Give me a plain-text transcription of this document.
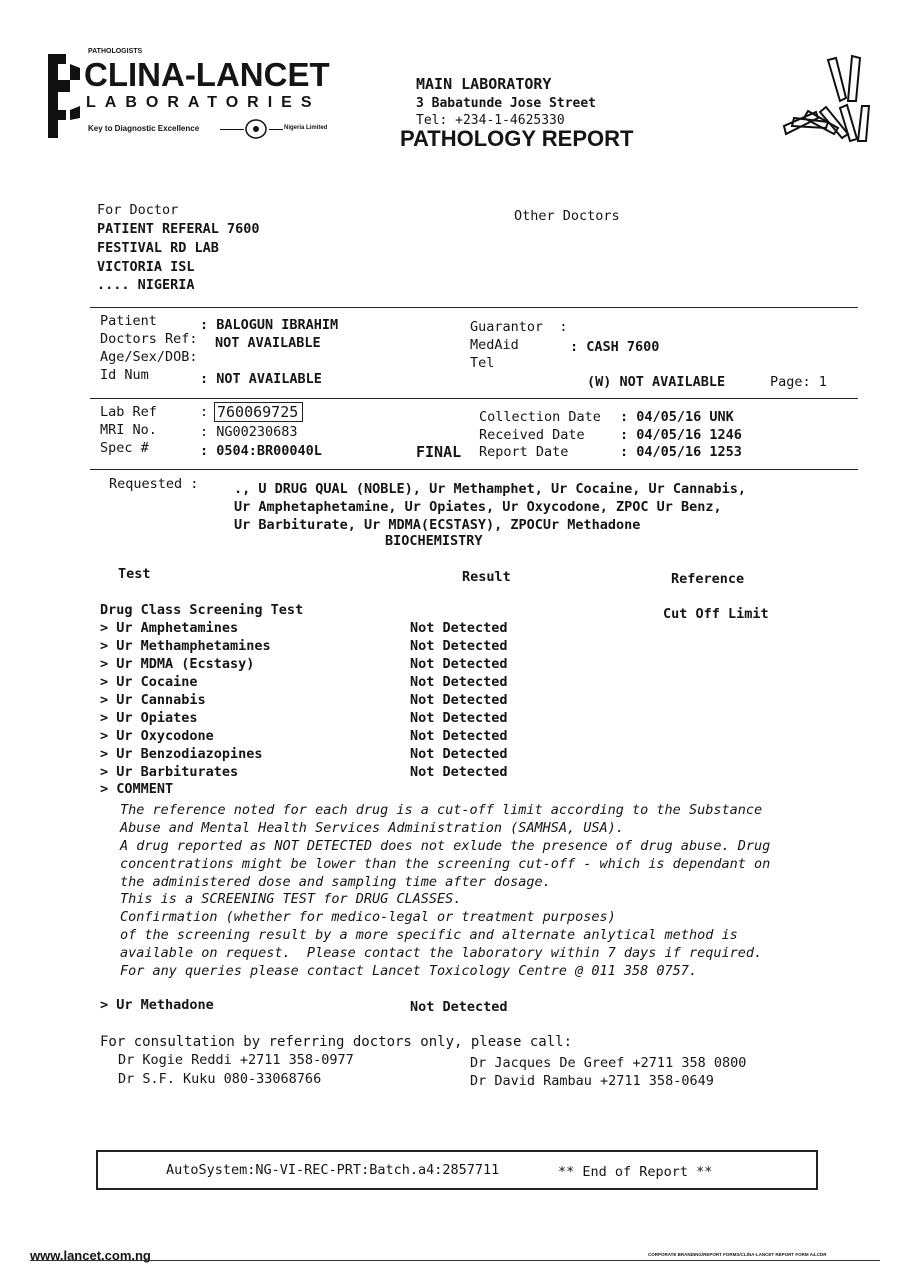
PATHOLOGISTS
CLINA-LANCET
LABORATORIES
Key to Diagnostic Excellence	Nigeria Limited
MAIN LABORATORY
3 Babatunde Jose Street
Tel: +234-1-4625330
PATHOLOGY REPORT
For Doctor
PATIENT REFERAL 7600
FESTIVAL RD LAB
VICTORIA ISL
.... NIGERIA
Other Doctors
Patient	: BALOGUN IBRAHIM
Doctors Ref: NOT AVAILABLE
Age/Sex/DOB:
Id Num	: NOT AVAILABLE
Guarantor  :
MedAid	: CASH 7600
Tel
(W) NOT AVAILABLE	Page: 1
Lab Ref	: 760069725
MRI No.	: NG00230683
Spec #	: 0504:BR00040L	FINAL
Collection Date : 04/05/16 UNK
Received Date	: 04/05/16 1246
Report Date	: 04/05/16 1253
Requested :	., U DRUG QUAL (NOBLE), Ur Methamphet, Ur Cocaine, Ur Cannabis,
Ur Amphetaphetamine, Ur Opiates, Ur Oxycodone, ZPOC Ur Benz,
Ur Barbiturate, Ur MDMA(ECSTASY), ZPOCUr Methadone
BIOCHEMISTRY
Test	Result	Reference
Drug Class Screening Test	Cut Off Limit
> Ur Amphetamines	Not Detected
> Ur Methamphetamines	Not Detected
> Ur MDMA (Ecstasy)	Not Detected
> Ur Cocaine	Not Detected
> Ur Cannabis	Not Detected
> Ur Opiates	Not Detected
> Ur Oxycodone	Not Detected
> Ur Benzodiazopines	Not Detected
> Ur Barbiturates	Not Detected
> COMMENT
The reference noted for each drug is a cut-off limit according to the Substance
Abuse and Mental Health Services Administration (SAMHSA, USA).
A drug reported as NOT DETECTED does not exlude the presence of drug abuse. Drug
concentrations might be lower than the screening cut-off - which is dependant on
the administered dose and sampling time after dosage.
This is a SCREENING TEST for DRUG CLASSES.
Confirmation (whether for medico-legal or treatment purposes)
of the screening result by a more specific and alternate anlytical method is
available on request.  Please contact the laboratory within 7 days if required.
For any queries please contact Lancet Toxicology Centre @ 011 358 0757.
> Ur Methadone	Not Detected
For consultation by referring doctors only, please call:
Dr Kogie Reddi +2711 358-0977
Dr S.F. Kuku 080-33068766
Dr Jacques De Greef +2711 358 0800
Dr David Rambau +2711 358-0649
AutoSystem:NG-VI-REC-PRT:Batch.a4:2857711	** End of Report **
www.lancet.com.ng	CORPORATE BRANDING/REPORT FORMS/CLINA-LANCET REPORT FORM A4.CDR
